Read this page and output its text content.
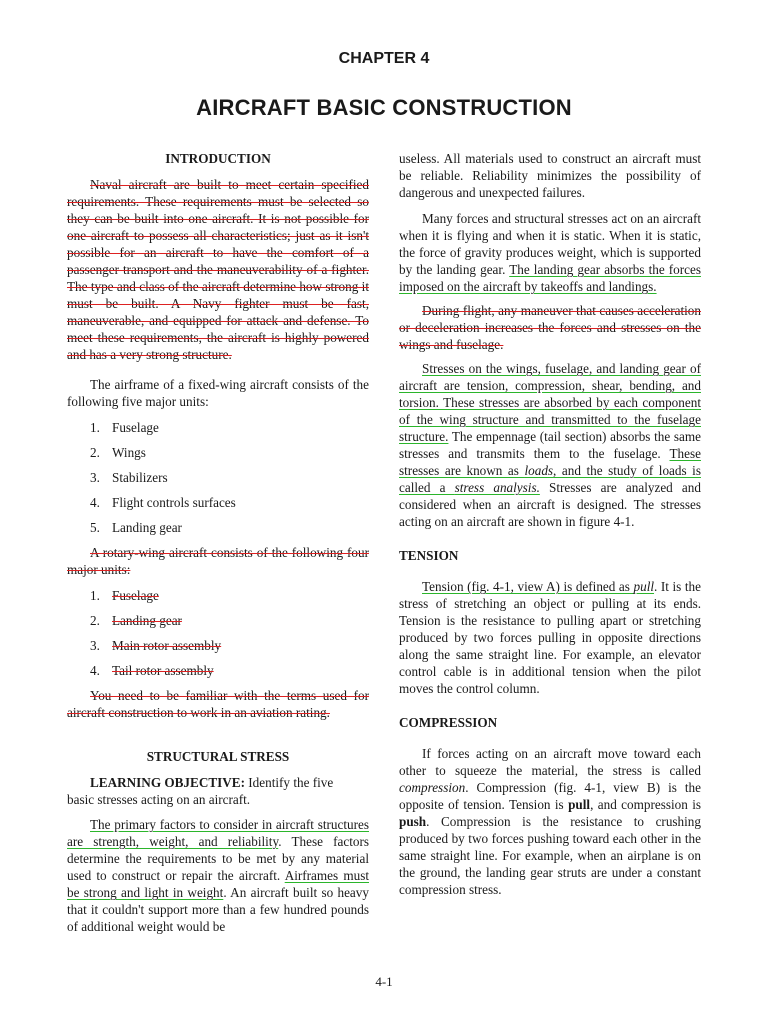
CHAPTER 4
AIRCRAFT BASIC CONSTRUCTION
INTRODUCTION

Naval aircraft are built to meet certain specified requirements. These requirements must be selected so they can be built into one aircraft. It is not possible for one aircraft to possess all characteristics; just as it isn't possible for an aircraft to have the comfort of a passenger transport and the maneuverability of a fighter. The type and class of the aircraft determine how strong it must be built. A Navy fighter must be fast, maneuverable, and equipped for attack and defense. To meet these requirements, the aircraft is highly powered and has a very strong structure.

The airframe of a fixed-wing aircraft consists of the following five major units:

1. Fuselage
2. Wings
3. Stabilizers
4. Flight controls surfaces
5. Landing gear

A rotary-wing aircraft consists of the following four major units:

1. Fuselage
2. Landing gear
3. Main rotor assembly
4. Tail rotor assembly

You need to be familiar with the terms used for aircraft construction to work in an aviation rating.

STRUCTURAL STRESS

LEARNING OBJECTIVE: Identify the five basic stresses acting on an aircraft.

The primary factors to consider in aircraft structures are strength, weight, and reliability. These factors determine the requirements to be met by any material used to construct or repair the aircraft. Airframes must be strong and light in weight. An aircraft built so heavy that it couldn't support more than a few hundred pounds of additional weight would be

useless. All materials used to construct an aircraft must be reliable. Reliability minimizes the possibility of dangerous and unexpected failures.

Many forces and structural stresses act on an aircraft when it is flying and when it is static. When it is static, the force of gravity produces weight, which is supported by the landing gear. The landing gear absorbs the forces imposed on the aircraft by takeoffs and landings.

During flight, any maneuver that causes acceleration or deceleration increases the forces and stresses on the wings and fuselage.

Stresses on the wings, fuselage, and landing gear of aircraft are tension, compression, shear, bending, and torsion. These stresses are absorbed by each component of the wing structure and transmitted to the fuselage structure. The empennage (tail section) absorbs the same stresses and transmits them to the fuselage. These stresses are known as loads, and the study of loads is called a stress analysis. Stresses are analyzed and considered when an aircraft is designed. The stresses acting on an aircraft are shown in figure 4-1.

TENSION

Tension (fig. 4-1, view A) is defined as pull. It is the stress of stretching an object or pulling at its ends. Tension is the resistance to pulling apart or stretching produced by two forces pulling in opposite directions along the same straight line. For example, an elevator control cable is in additional tension when the pilot moves the control column.

COMPRESSION

If forces acting on an aircraft move toward each other to squeeze the material, the stress is called compression. Compression (fig. 4-1, view B) is the opposite of tension. Tension is pull, and compression is push. Compression is the resistance to crushing produced by two forces pushing toward each other in the same straight line. For example, when an airplane is on the ground, the landing gear struts are under a constant compression stress.

4-1
